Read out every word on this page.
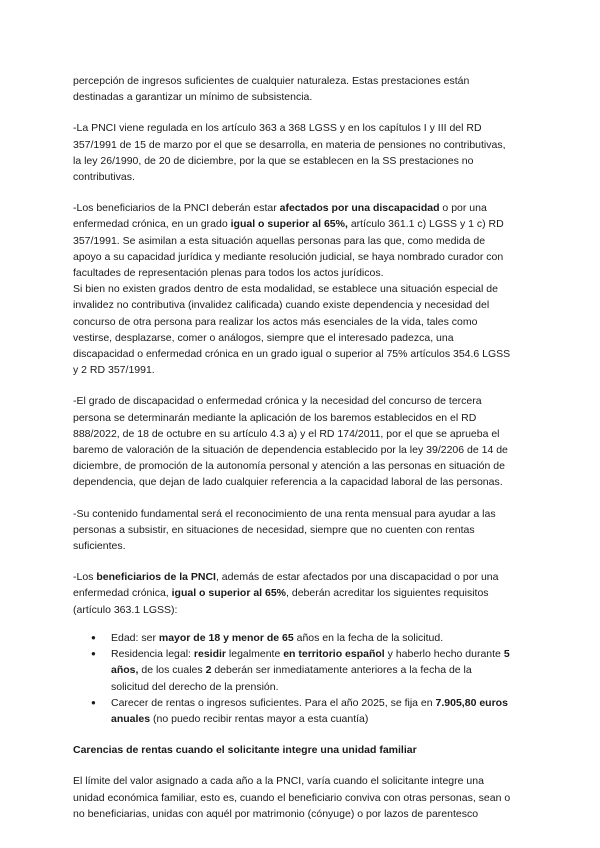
percepción de ingresos suficientes de cualquier naturaleza. Estas prestaciones están destinadas a garantizar un mínimo de subsistencia.

-La PNCI viene regulada en los artículo 363 a 368 LGSS y en los capítulos I y III del RD 357/1991 de 15 de marzo por el que se desarrolla, en materia de pensiones no contributivas, la ley 26/1990, de 20 de diciembre, por la que se establecen en la SS prestaciones no contributivas.

-Los beneficiarios de la PNCI deberán estar afectados por una discapacidad o por una enfermedad crónica, en un grado igual o superior al 65%, artículo 361.1 c) LGSS y 1 c) RD 357/1991. Se asimilan a esta situación aquellas personas para las que, como medida de apoyo a su capacidad jurídica y mediante resolución judicial, se haya nombrado curador con facultades de representación plenas para todos los actos jurídicos.

Si bien no existen grados dentro de esta modalidad, se establece una situación especial de invalidez no contributiva (invalidez calificada) cuando existe dependencia y necesidad del concurso de otra persona para realizar los actos más esenciales de la vida, tales como vestirse, desplazarse, comer o análogos, siempre que el interesado padezca, una discapacidad o enfermedad crónica en un grado igual o superior al 75% artículos 354.6 LGSS y 2 RD 357/1991.

-El grado de discapacidad o enfermedad crónica y la necesidad del concurso de tercera persona se determinarán mediante la aplicación de los baremos establecidos en el RD 888/2022, de 18 de octubre en su artículo 4.3 a) y el RD 174/2011, por el que se aprueba el baremo de valoración de la situación de dependencia establecido por la ley 39/2206 de 14 de diciembre, de promoción de la autonomía personal y atención a las personas en situación de dependencia, que dejan de lado cualquier referencia a la capacidad laboral de las personas.

-Su contenido fundamental será el reconocimiento de una renta mensual para ayudar a las personas a subsistir, en situaciones de necesidad, siempre que no cuenten con rentas suficientes.

-Los beneficiarios de la PNCI, además de estar afectados por una discapacidad o por una enfermedad crónica, igual o superior al 65%, deberán acreditar los siguientes requisitos (artículo 363.1 LGSS):

● Edad: ser mayor de 18 y menor de 65 años en la fecha de la solicitud.
● Residencia legal: residir legalmente en territorio español y haberlo hecho durante 5 años, de los cuales 2 deberán ser inmediatamente anteriores a la fecha de la solicitud del derecho de la prensión.
● Carecer de rentas o ingresos suficientes. Para el año 2025, se fija en 7.905,80 euros anuales (no puedo recibir rentas mayor a esta cuantía)
Carencias de rentas cuando el solicitante integre una unidad familiar

El límite del valor asignado a cada año a la PNCI, varía cuando el solicitante integre una unidad económica familiar, esto es, cuando el beneficiario conviva con otras personas, sean o no beneficiarias, unidas con aquél por matrimonio (cónyuge) o por lazos de parentesco
